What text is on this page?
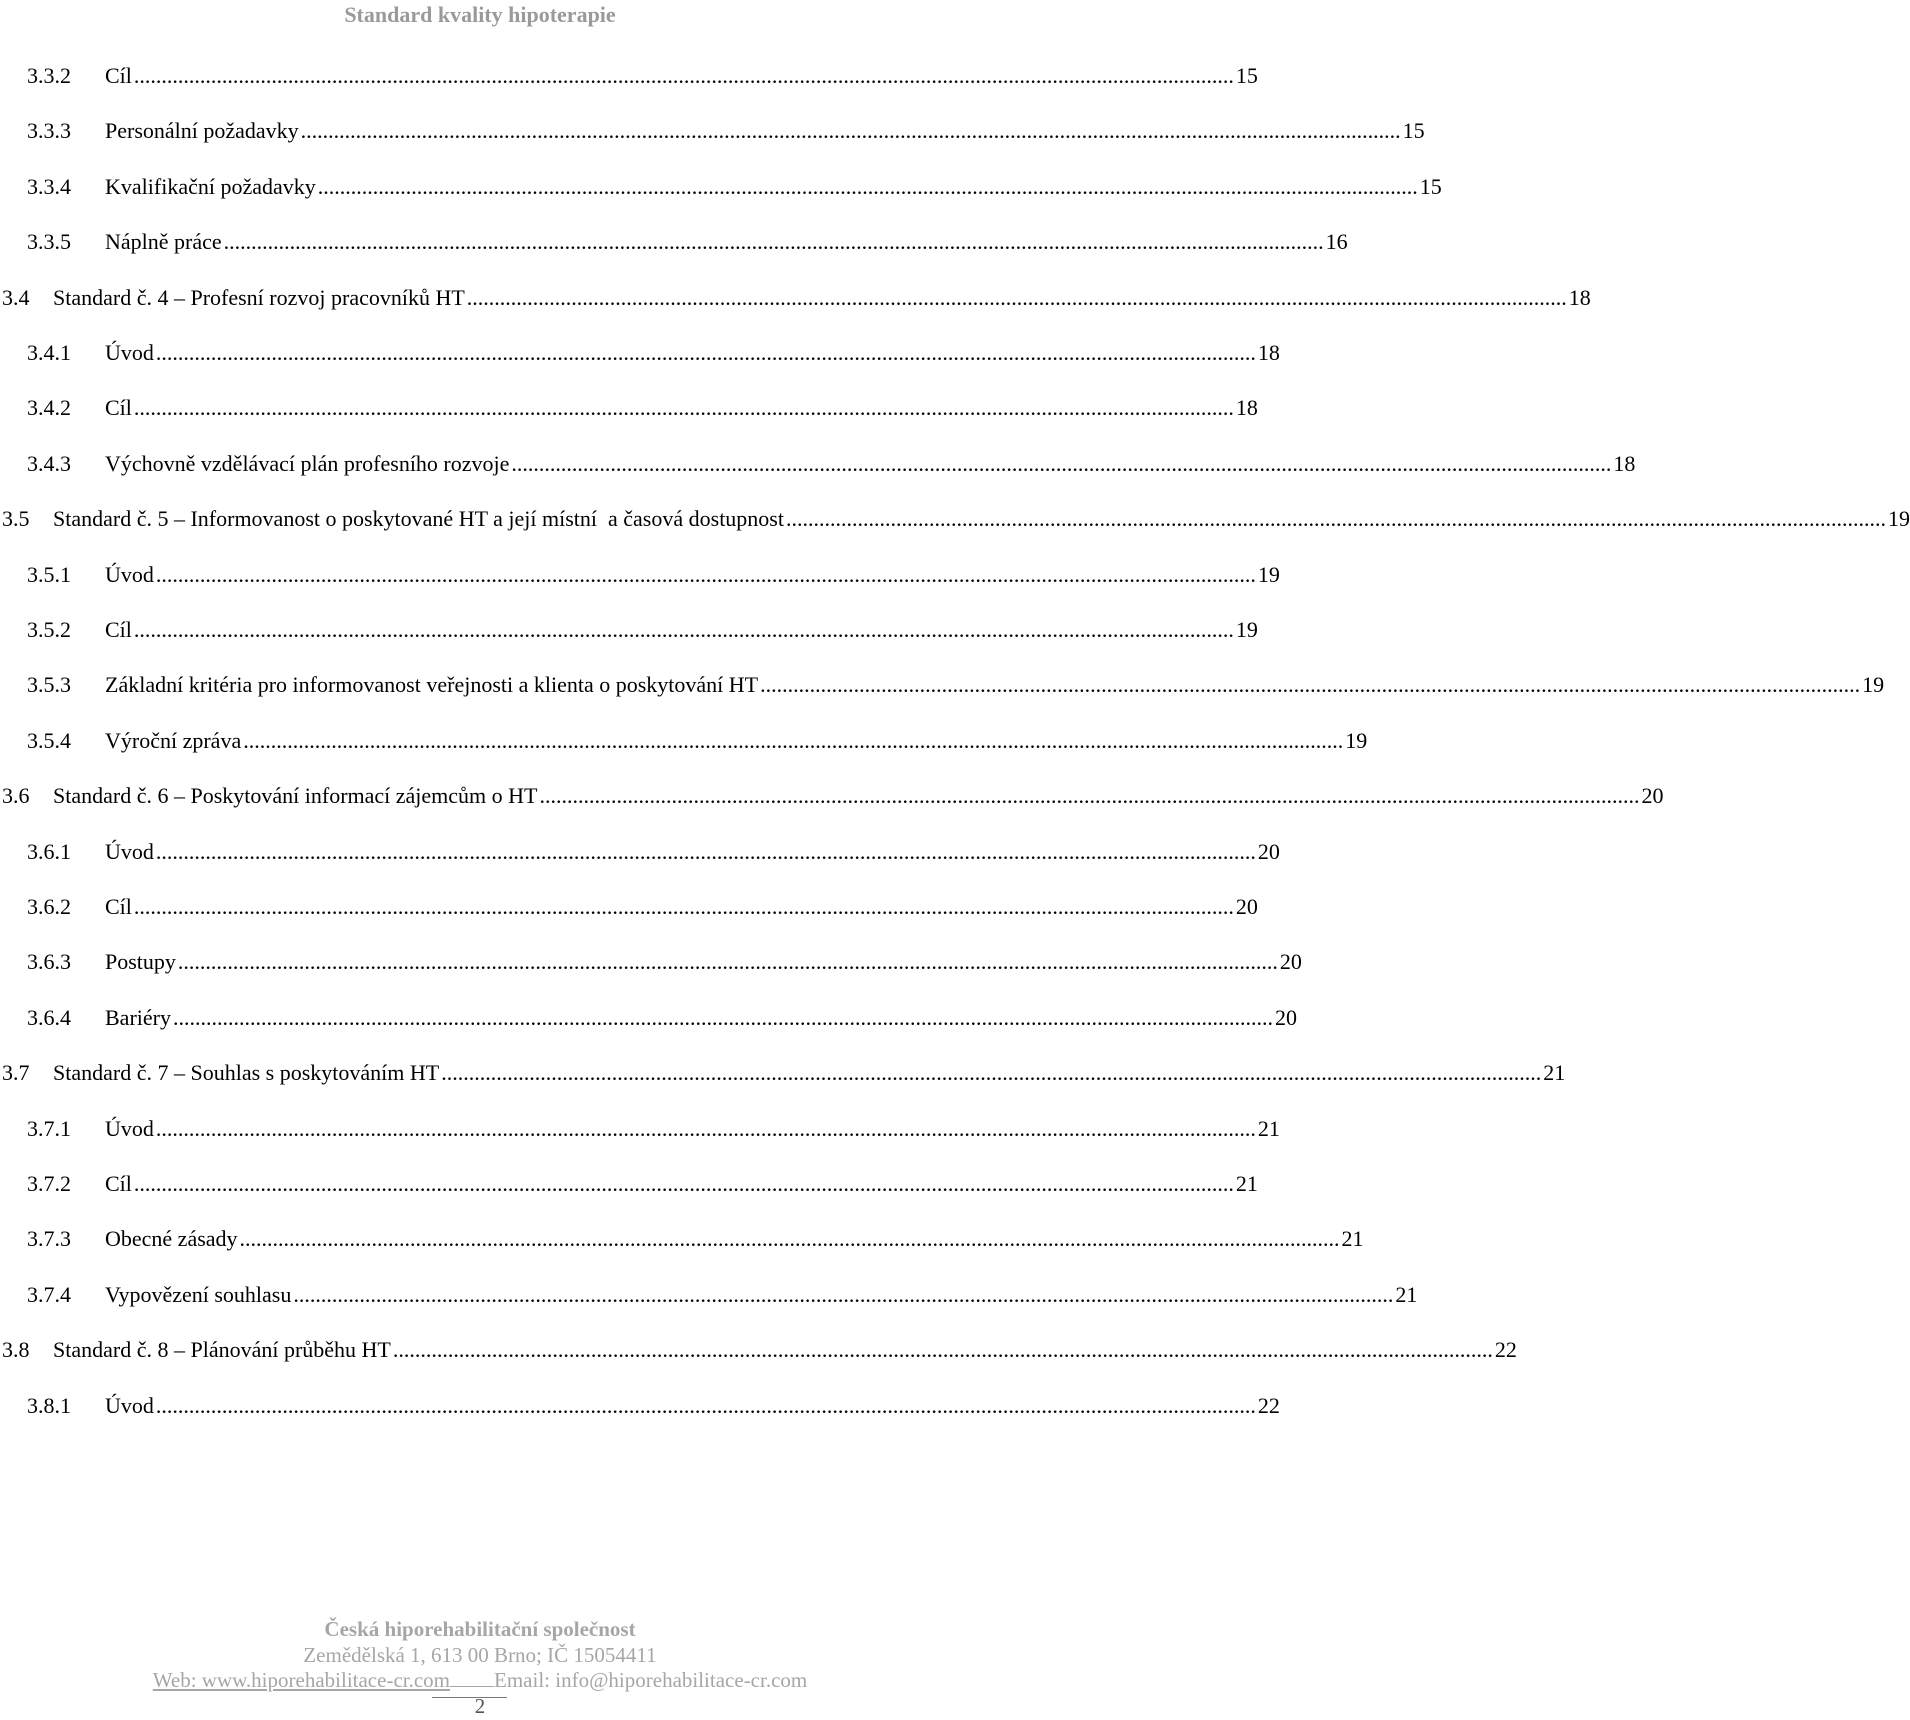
Standard kvality hipoterapie
3.3.2 Cíl ........................................................................................................................................................................................................ 15
3.3.3 Personální požadavky ........................................................................................................................................................................................................ 15
3.3.4 Kvalifikační požadavky ........................................................................................................................................................................................................ 15
3.3.5 Náplně práce ........................................................................................................................................................................................................ 16
3.4 Standard č. 4 – Profesní rozvoj pracovníků HT ........................................................................................................................................................................................................ 18
3.4.1 Úvod ........................................................................................................................................................................................................ 18
3.4.2 Cíl ........................................................................................................................................................................................................ 18
3.4.3 Výchovně vzdělávací plán profesního rozvoje ........................................................................................................................................................................................................ 18
3.5 Standard č. 5 – Informovanost o poskytované HT a její místní  a časová dostupnost ........................................................................................................................................................................................................ 19
3.5.1 Úvod ........................................................................................................................................................................................................ 19
3.5.2 Cíl ........................................................................................................................................................................................................ 19
3.5.3 Základní kritéria pro informovanost veřejnosti a klienta o poskytování HT ........................................................................................................................................................................................................ 19
3.5.4 Výroční zpráva ........................................................................................................................................................................................................ 19
3.6 Standard č. 6 – Poskytování informací zájemcům o HT ........................................................................................................................................................................................................ 20
3.6.1 Úvod ........................................................................................................................................................................................................ 20
3.6.2 Cíl ........................................................................................................................................................................................................ 20
3.6.3 Postupy ........................................................................................................................................................................................................ 20
3.6.4 Bariéry ........................................................................................................................................................................................................ 20
3.7 Standard č. 7 – Souhlas s poskytováním HT ........................................................................................................................................................................................................ 21
3.7.1 Úvod ........................................................................................................................................................................................................ 21
3.7.2 Cíl ........................................................................................................................................................................................................ 21
3.7.3 Obecné zásady ........................................................................................................................................................................................................ 21
3.7.4 Vypovězení souhlasu ........................................................................................................................................................................................................ 21
3.8 Standard č. 8 – Plánování průběhu HT ........................................................................................................................................................................................................ 22
3.8.1 Úvod ........................................................................................................................................................................................................ 22
Česká hiporehabilitační společnost
Zemědělská 1, 613 00 Brno; IČ 15054411
Web: www.hiporehabilitace-cr.com Email: info@hiporehabilitace-cr.com
2
